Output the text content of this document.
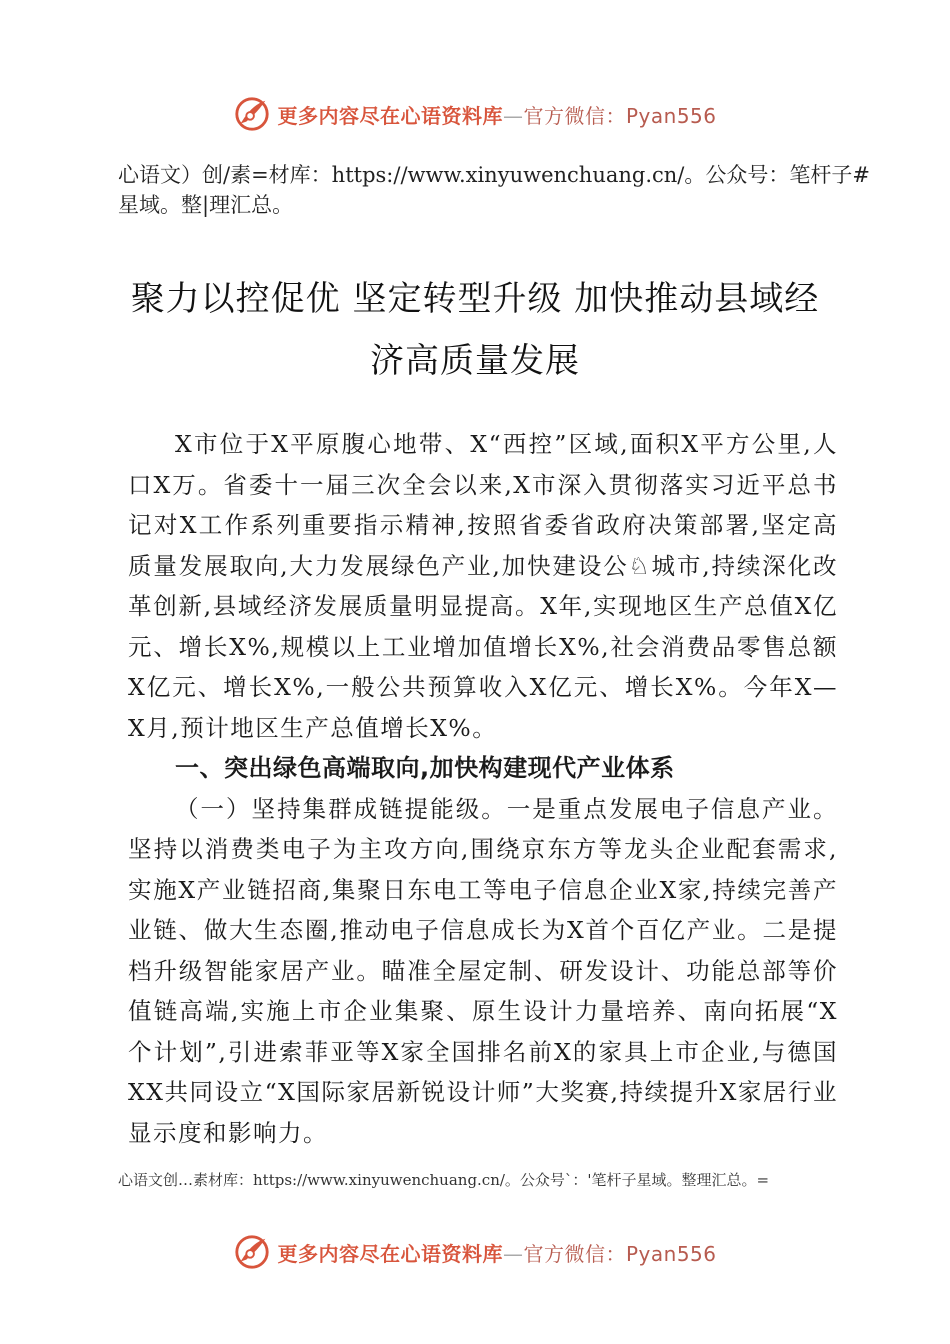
更多内容尽在心语资料库—官方微信：Pyan556
心语文）创/素=材库：https://www.xinyuwenchuang.cn/。公众号：笔杆子#星域。整|理汇总。
聚力以控促优 坚定转型升级 加快推动县域经
济高质量发展

X市位于X平原腹心地带、X“西控”区域,面积X平方公里,人口X万。省委十一届三次全会以来,X市深入贯彻落实习近平总书记对X工作系列重要指示精神,按照省委省政府决策部署,坚定高质量发展取向,大力发展绿色产业,加快建设公♘城市,持续深化改革创新,县域经济发展质量明显提高。X年,实现地区生产总值X亿元、增长X%,规模以上工业增加值增长X%,社会消费品零售总额X亿元、增长X%,一般公共预算收入X亿元、增长X%。今年X—X月,预计地区生产总值增长X%。

一、突出绿色高端取向,加快构建现代产业体系

（一）坚持集群成链提能级。一是重点发展电子信息产业。坚持以消费类电子为主攻方向,围绕京东方等龙头企业配套需求,实施X产业链招商,集聚日东电工等电子信息企业X家,持续完善产业链、做大生态圈,推动电子信息成长为X首个百亿产业。二是提档升级智能家居产业。瞄准全屋定制、研发设计、功能总部等价值链高端,实施上市企业集聚、原生设计力量培养、南向拓展“X个计划”,引进索菲亚等X家全国排名前X的家具上市企业,与德国XX共同设立“X国际家居新锐设计师”大奖赛,持续提升X家居行业显示度和影响力。

心语文创…素材库：https://www.xinyuwenchuang.cn/。公众号`：'笔杆子星域。整理汇总。=
更多内容尽在心语资料库—官方微信：Pyan556
